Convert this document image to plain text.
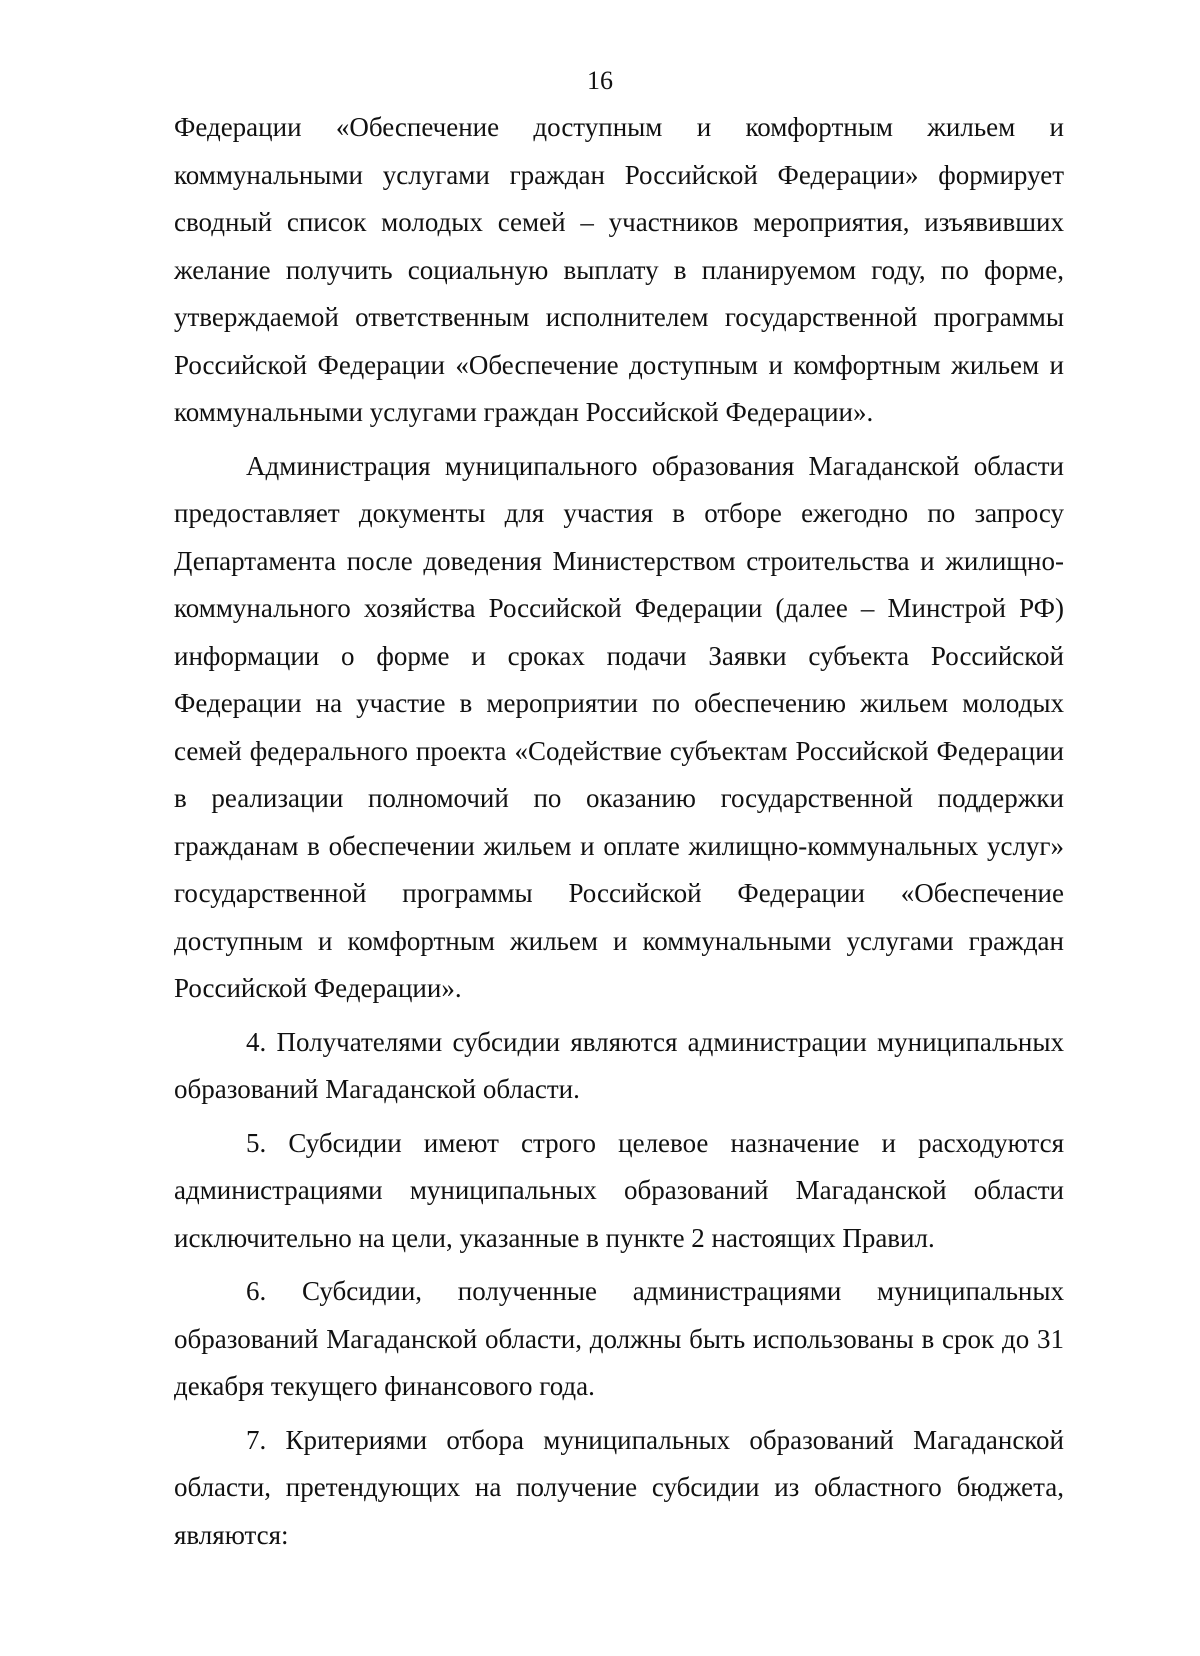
16

Федерации «Обеспечение доступным и комфортным жильем и коммунальными услугами граждан Российской Федерации» формирует сводный список молодых семей – участников мероприятия, изъявивших желание получить социальную выплату в планируемом году, по форме, утверждаемой ответственным исполнителем государственной программы Российской Федерации «Обеспечение доступным и комфортным жильем и коммунальными услугами граждан Российской Федерации».

Администрация муниципального образования Магаданской области предоставляет документы для участия в отборе ежегодно по запросу Департамента после доведения Министерством строительства и жилищно-коммунального хозяйства Российской Федерации (далее – Минстрой РФ) информации о форме и сроках подачи Заявки субъекта Российской Федерации на участие в мероприятии по обеспечению жильем молодых семей федерального проекта «Содействие субъектам Российской Федерации в реализации полномочий по оказанию государственной поддержки гражданам в обеспечении жильем и оплате жилищно-коммунальных услуг» государственной программы Российской Федерации «Обеспечение доступным и комфортным жильем и коммунальными услугами граждан Российской Федерации».

4. Получателями субсидии являются администрации муниципальных образований Магаданской области.

5. Субсидии имеют строго целевое назначение и расходуются администрациями муниципальных образований Магаданской области исключительно на цели, указанные в пункте 2 настоящих Правил.

6. Субсидии, полученные администрациями муниципальных образований Магаданской области, должны быть использованы в срок до 31 декабря текущего финансового года.

7. Критериями отбора муниципальных образований Магаданской области, претендующих на получение субсидии из областного бюджета, являются:
